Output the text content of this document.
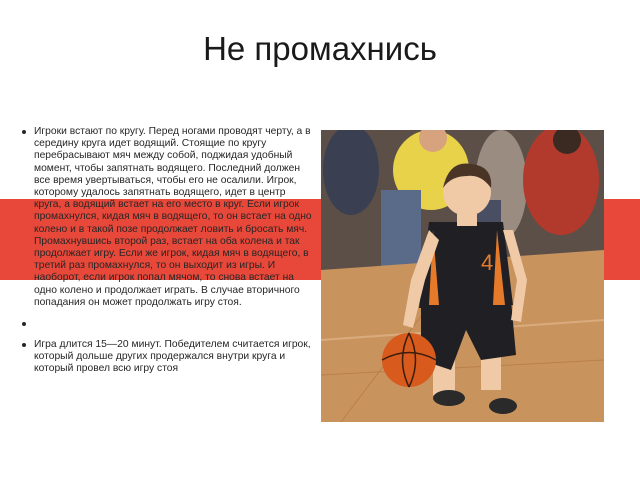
Не промахнись
4
Игроки встают по кругу. Перед ногами проводят черту, а в середину круга идет водящий. Стоящие по кругу перебрасывают мяч между собой, поджидая удобный момент, чтобы запятнать водящего. Последний должен все время увертываться, чтобы его не осалили. Игрок, которому удалось запятнать водящего, идет в центр круга, а водящий встает на его место в круг. Если игрок промахнулся, кидая мяч в водящего, то он встает на одно колено и в такой позе продолжает ловить и бросать мяч. Промахнувшись второй раз, встает на оба колена и так продолжает игру. Если же игрок, кидая мяч в водящего, в третий раз промахнулся, то он выходит из игры. И наоборот, если игрок попал мячом, то снова встает на одно колено и продолжает играть. В случае вторичного попадания он может продолжать игру стоя.
Игра длится 15—20 минут. Победителем считается игрок, который дольше других продержался внутри круга и который провел всю игру стоя
